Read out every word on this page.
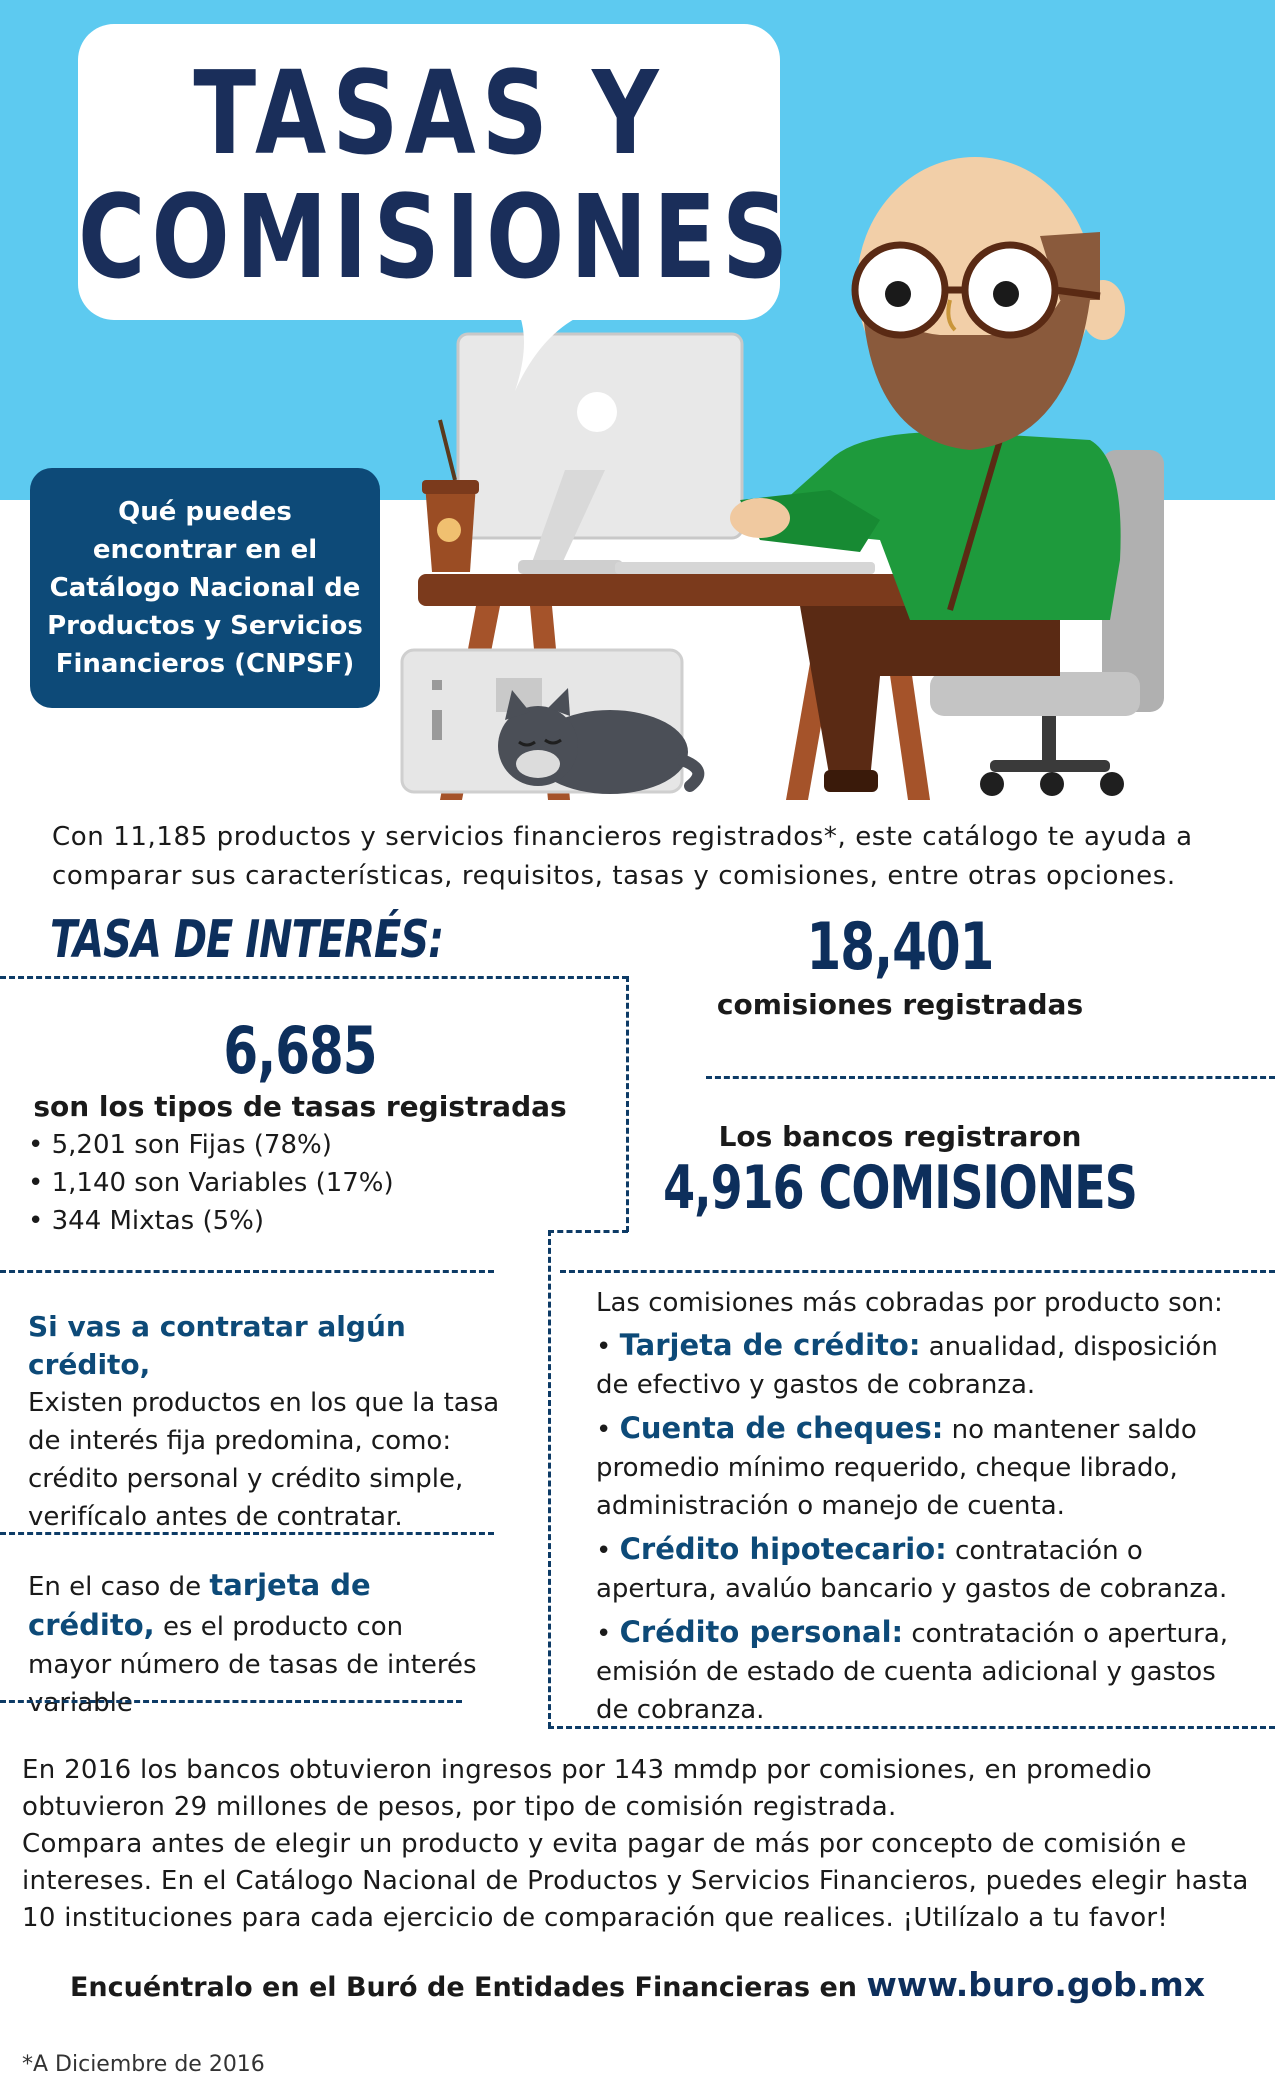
TASAS Y
COMISIONES
Qué puedes
encontrar en el
Catálogo Nacional de
Productos y Servicios
Financieros (CNPSF)
Con 11,185 productos y servicios financieros registrados*, este catálogo te ayuda a comparar sus características, requisitos, tasas y comisiones, entre otras opciones.
TASA DE INTERÉS:
6,685
son los tipos de tasas registradas
• 5,201 son Fijas (78%)
• 1,140 son Variables (17%)
• 344 Mixtas (5%)
18,401
comisiones registradas
Los bancos registraron
4,916 COMISIONES
Si vas a contratar algún crédito,
Existen productos en los que la tasa de interés fija predomina, como: crédito personal y crédito simple, verifícalo antes de contratar.
En el caso de tarjeta de crédito, es el producto con mayor número de tasas de interés variable
Las comisiones más cobradas por producto son:
• Tarjeta de crédito: anualidad, disposición de efectivo y gastos de cobranza.
• Cuenta de cheques: no mantener saldo promedio mínimo requerido, cheque librado, administración o manejo de cuenta.
• Crédito hipotecario: contratación o apertura, avalúo bancario y gastos de cobranza.
• Crédito personal: contratación o apertura, emisión de estado de cuenta adicional y gastos de cobranza.
En 2016 los bancos obtuvieron ingresos por 143 mmdp por comisiones, en promedio obtuvieron 29 millones de pesos, por tipo de comisión registrada.
Compara antes de elegir un producto y evita pagar de más por concepto de comisión e intereses. En el Catálogo Nacional de Productos y Servicios Financieros, puedes elegir hasta 10 instituciones para cada ejercicio de comparación que realices. ¡Utilízalo a tu favor!
Encuéntralo en el Buró de Entidades Financieras en www.buro.gob.mx
*A Diciembre de 2016
